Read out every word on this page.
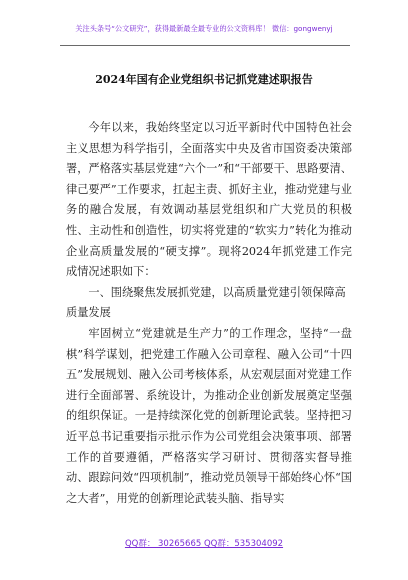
关注头条号“公文研究”，获得最新最全最专业的公文资料库！ 微信：gongwenyj
2024年国有企业党组织书记抓党建述职报告

今年以来，我始终坚定以习近平新时代中国特色社会主义思想为科学指引，全面落实中央及省市国资委决策部署，严格落实基层党建“六个一”和“干部要干、思路要清、律己要严”工作要求，扛起主责、抓好主业，推动党建与业务的融合发展，有效调动基层党组织和广大党员的积极性、主动性和创造性，切实将党建的“软实力”转化为推动企业高质量发展的“硬支撑”。现将2024年抓党建工作完成情况述职如下：

一、围绕聚焦发展抓党建，以高质量党建引领保障高质量发展

牢固树立“党建就是生产力”的工作理念，坚持“一盘棋”科学谋划，把党建工作融入公司章程、融入公司“十四五”发展规划、融入公司考核体系，从宏观层面对党建工作进行全面部署、系统设计，为推动企业创新发展奠定坚强的组织保证。一是持续深化党的创新理论武装。坚持把习近平总书记重要指示批示作为公司党组会决策事项、部署工作的首要遵循，严格落实学习研讨、贯彻落实督导推动、跟踪问效“四项机制”，推动党员领导干部始终心怀“国之大者”，用党的创新理论武装头脑、指导实

QQ群： 30265665 QQ群：535304092
